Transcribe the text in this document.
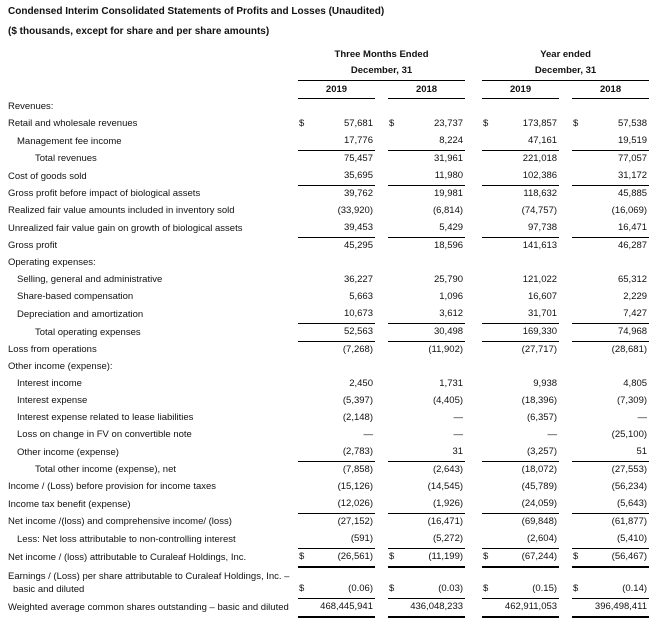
Condensed Interim Consolidated Statements of Profits and Losses (Unaudited)
($ thousands, except for share and per share amounts)
	Three Months Ended						Year ended					
	December, 31						December, 31					
	2019			2018			2019			2018		
Revenues:												
Retail and wholesale revenues	$	57,681		$	23,737		$	173,857		$	57,538	
Management fee income		17,776			8,224			47,161			19,519	
Total revenues		75,457			31,961			221,018			77,057	
Cost of goods sold		35,695			11,980			102,386			31,172	
Gross profit before impact of biological assets		39,762			19,981			118,632			45,885	
Realized fair value amounts included in inventory sold		(33,920)			(6,814)			(74,757)			(16,069)	
Unrealized fair value gain on growth of biological assets		39,453			5,429			97,738			16,471	
Gross profit		45,295			18,596			141,613			46,287	
Operating expenses:												
Selling, general and administrative		36,227			25,790			121,022			65,312	
Share-based compensation		5,663			1,096			16,607			2,229	
Depreciation and amortization		10,673			3,612			31,701			7,427	
Total operating expenses		52,563			30,498			169,330			74,968	
Loss from operations		(7,268)			(11,902)			(27,717)			(28,681)	
Other income (expense):												
Interest income		2,450			1,731			9,938			4,805	
Interest expense		(5,397)			(4,405)			(18,396)			(7,309)	
Interest expense related to lease liabilities		(2,148)			—			(6,357)			—	
Loss on change in FV on convertible note		—			—			—			(25,100)	
Other income (expense)		(2,783)			31			(3,257)			51	
Total other income (expense), net		(7,858)			(2,643)			(18,072)			(27,553)	
Income / (Loss) before provision for income taxes		(15,126)			(14,545)			(45,789)			(56,234)	
Income tax benefit (expense)		(12,026)			(1,926)			(24,059)			(5,643)	
Net income /(loss) and comprehensive income/ (loss)		(27,152)			(16,471)			(69,848)			(61,877)	
Less: Net loss attributable to non-controlling interest		(591)			(5,272)			(2,604)			(5,410)	
Net income / (loss) attributable to Curaleaf Holdings, Inc.	$	(26,561)		$	(11,199)		$	(67,244)		$	(56,467)	

Earnings / (Loss) per share attributable to Curaleaf Holdings, Inc. –
basic and diluted	$	(0.06)		$	(0.03)		$	(0.15)		$	(0.14)	
Weighted average common shares outstanding – basic and diluted		468,445,941			436,048,233			462,911,053			396,498,411	
